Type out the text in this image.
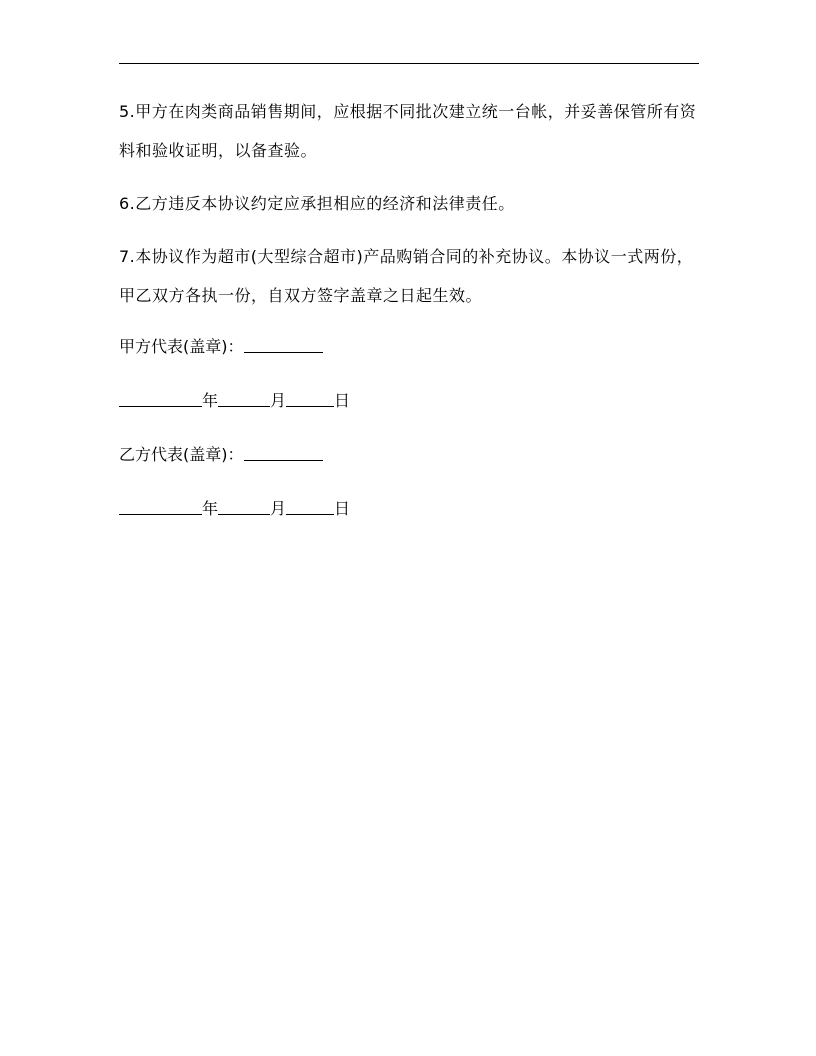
5.甲方在肉类商品销售期间，应根据不同批次建立统一台帐，并妥善保管所有资料和验收证明，以备查验。

6.乙方违反本协议约定应承担相应的经济和法律责任。

7.本协议作为超市(大型综合超市)产品购销合同的补充协议。本协议一式两份，甲乙双方各执一份，自双方签字盖章之日起生效。

甲方代表(盖章)：
年	月	日
乙方代表(盖章)：
年	月	日
